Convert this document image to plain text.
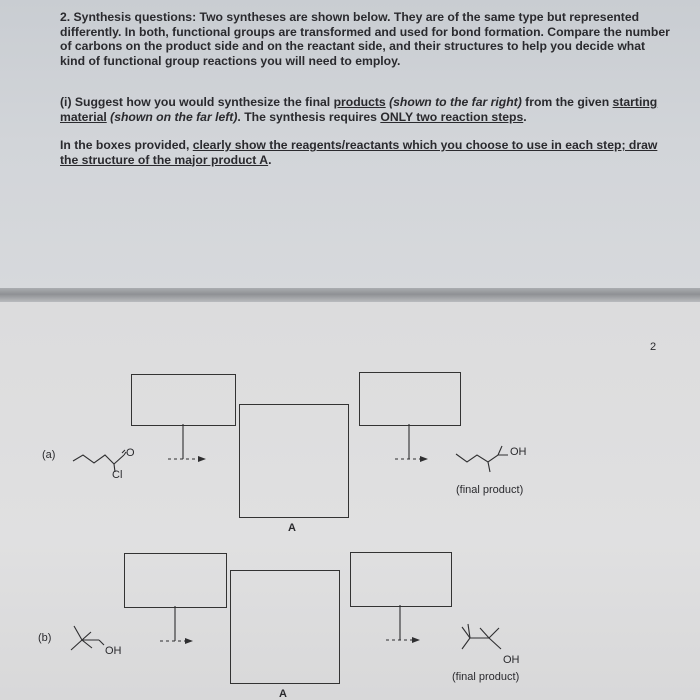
2. Synthesis questions: Two syntheses are shown below. They are of the same type but represented differently. In both, functional groups are transformed and used for bond formation. Compare the number of carbons on the product side and on the reactant side, and their structures to help you decide what kind of functional group reactions you will need to employ.
(i) Suggest how you would synthesize the final products (shown to the far right) from the given starting material (shown on the far left). The synthesis requires ONLY two reaction steps.
In the boxes provided, clearly show the reagents/reactants which you choose to use in each step; draw the structure of the major product A.
2
(a)
A
O
Cl
OH
(final product)
(b)
A
OH
OH
(final product)
